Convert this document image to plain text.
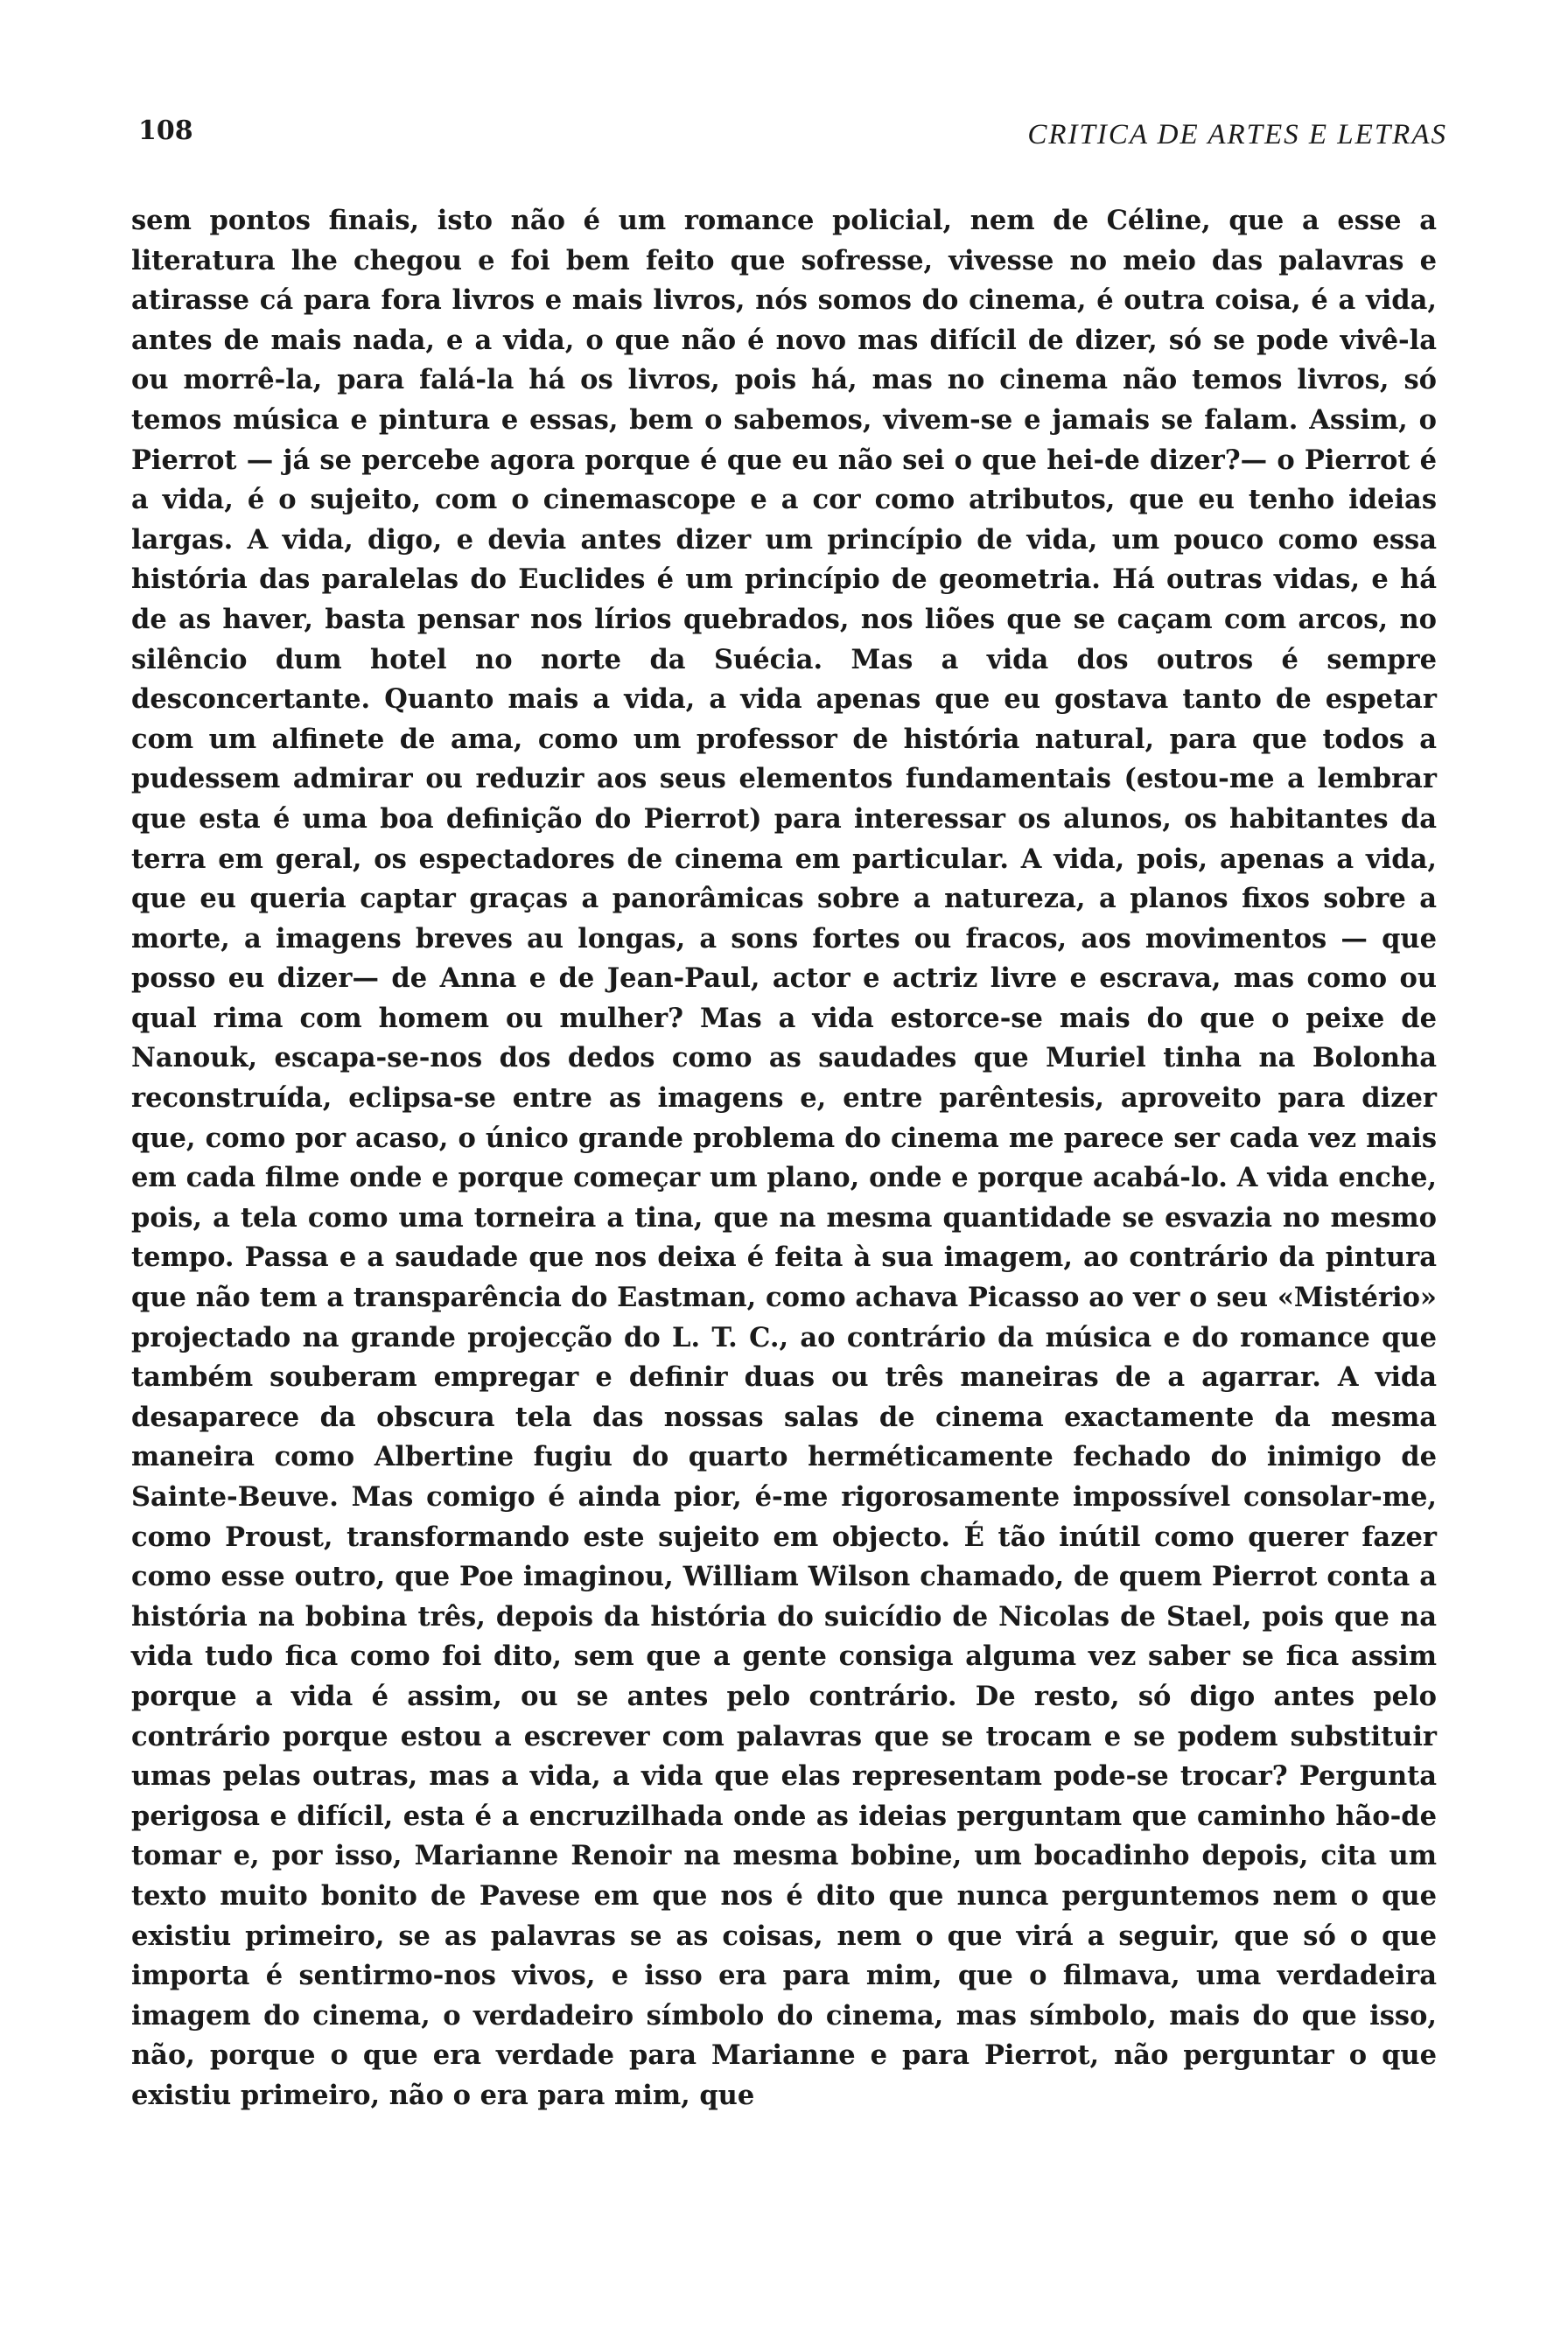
108	CRITICA DE ARTES E LETRAS

sem pontos finais, isto não é um romance policial, nem de Céline, que a esse a literatura lhe chegou e foi bem feito que sofresse, vivesse no meio das palavras e atirasse cá para fora livros e mais livros, nós somos do cinema, é outra coisa, é a vida, antes de mais nada, e a vida, o que não é novo mas difícil de dizer, só se pode vivê-la ou morrê-la, para falá-la há os livros, pois há, mas no cinema não temos livros, só temos música e pintura e essas, bem o sabemos, vivem-se e jamais se falam. Assim, o Pierrot — já se percebe agora porque é que eu não sei o que hei-de dizer?— o Pierrot é a vida, é o sujeito, com o cinemascope e a cor como atributos, que eu tenho ideias largas. A vida, digo, e devia antes dizer um princípio de vida, um pouco como essa história das paralelas do Euclides é um princípio de geometria. Há outras vidas, e há de as haver, basta pensar nos lírios quebrados, nos liões que se caçam com arcos, no silêncio dum hotel no norte da Suécia. Mas a vida dos outros é sempre desconcertante. Quanto mais a vida, a vida apenas que eu gostava tanto de espetar com um alfinete de ama, como um professor de história natural, para que todos a pudessem admirar ou reduzir aos seus elementos fundamentais (estou-me a lembrar que esta é uma boa definição do Pierrot) para interessar os alunos, os habitantes da terra em geral, os espectadores de cinema em particular. A vida, pois, apenas a vida, que eu queria captar graças a panorâmicas sobre a natureza, a planos fixos sobre a morte, a imagens breves au longas, a sons fortes ou fracos, aos movimentos — que posso eu dizer— de Anna e de Jean-Paul, actor e actriz livre e escrava, mas como ou qual rima com homem ou mulher? Mas a vida estorce-se mais do que o peixe de Nanouk, escapa-se-nos dos dedos como as saudades que Muriel tinha na Bolonha reconstruída, eclipsa-se entre as imagens e, entre parêntesis, aproveito para dizer que, como por acaso, o único grande problema do cinema me parece ser cada vez mais em cada filme onde e porque começar um plano, onde e porque acabá-lo. A vida enche, pois, a tela como uma torneira a tina, que na mesma quantidade se esvazia no mesmo tempo. Passa e a saudade que nos deixa é feita à sua imagem, ao contrário da pintura que não tem a transparência do Eastman, como achava Picasso ao ver o seu «Mistério» projectado na grande projecção do L. T. C., ao contrário da música e do romance que também souberam empregar e definir duas ou três maneiras de a agarrar. A vida desaparece da obscura tela das nossas salas de cinema exactamente da mesma maneira como Albertine fugiu do quarto herméticamente fechado do inimigo de Sainte-Beuve. Mas comigo é ainda pior, é-me rigorosamente impossível consolar-me, como Proust, transformando este sujeito em objecto. É tão inútil como querer fazer como esse outro, que Poe imaginou, William Wilson chamado, de quem Pierrot conta a história na bobina três, depois da história do suicídio de Nicolas de Stael, pois que na vida tudo fica como foi dito, sem que a gente consiga alguma vez saber se fica assim porque a vida é assim, ou se antes pelo contrário. De resto, só digo antes pelo contrário porque estou a escrever com palavras que se trocam e se podem substituir umas pelas outras, mas a vida, a vida que elas representam pode-se trocar? Pergunta perigosa e difícil, esta é a encruzilhada onde as ideias perguntam que caminho hão-de tomar e, por isso, Marianne Renoir na mesma bobine, um bocadinho depois, cita um texto muito bonito de Pavese em que nos é dito que nunca perguntemos nem o que existiu primeiro, se as palavras se as coisas, nem o que virá a seguir, que só o que importa é sentirmo-nos vivos, e isso era para mim, que o filmava, uma verdadeira imagem do cinema, o verdadeiro símbolo do cinema, mas símbolo, mais do que isso, não, porque o que era verdade para Marianne e para Pierrot, não perguntar o que existiu primeiro, não o era para mim, que
